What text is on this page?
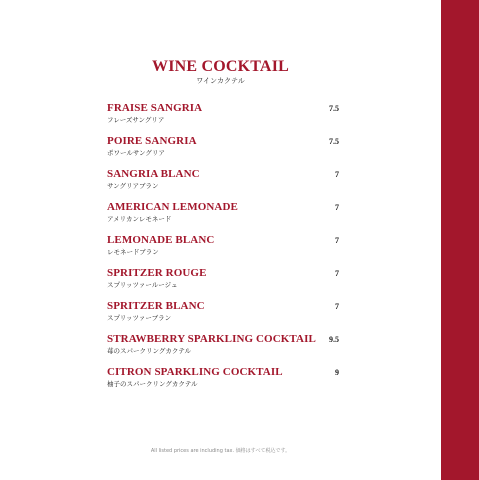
WINE COCKTAIL
ワインカクテル
FRAISE SANGRIA
フレーズサングリア
7.5
POIRE SANGRIA
ポワールサングリア
7.5
SANGRIA BLANC
サングリアブラン
7
AMERICAN LEMONADE
アメリカンレモネード
7
LEMONADE BLANC
レモネードブラン
7
SPRITZER ROUGE
スプリッツァールージュ
7
SPRITZER BLANC
スプリッツァーブラン
7
STRAWBERRY SPARKLING COCKTAIL
苺のスパークリングカクテル
9.5
CITRON SPARKLING COCKTAIL
柚子のスパークリングカクテル
9
All listed prices are including tax. 価格はすべて税込です。
